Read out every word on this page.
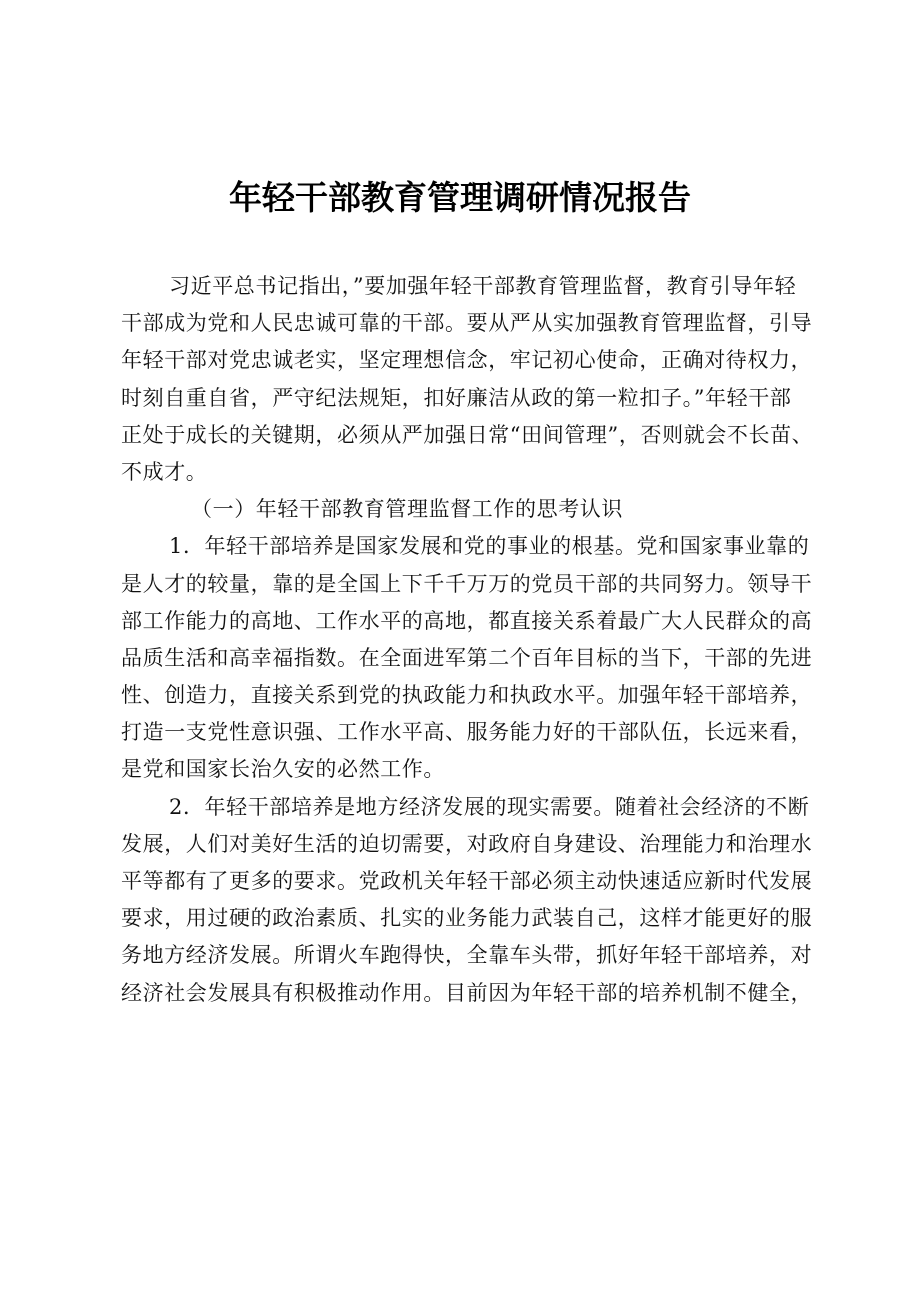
年轻干部教育管理调研情况报告
习近平总书记指出，”要加强年轻干部教育管理监督，教育引导年轻
干部成为党和人民忠诚可靠的干部。要从严从实加强教育管理监督，引导
年轻干部对党忠诚老实，坚定理想信念，牢记初心使命，正确对待权力，
时刻自重自省，严守纪法规矩，扣好廉洁从政的第一粒扣子。”年轻干部
正处于成长的关键期，必须从严加强日常“田间管理”，否则就会不长苗、
不成才。
（一）年轻干部教育管理监督工作的思考认识
1．年轻干部培养是国家发展和党的事业的根基。党和国家事业靠的
是人才的较量，靠的是全国上下千千万万的党员干部的共同努力。领导干
部工作能力的高地、工作水平的高地，都直接关系着最广大人民群众的高
品质生活和高幸福指数。在全面进军第二个百年目标的当下，干部的先进
性、创造力，直接关系到党的执政能力和执政水平。加强年轻干部培养，
打造一支党性意识强、工作水平高、服务能力好的干部队伍，长远来看，
是党和国家长治久安的必然工作。
2．年轻干部培养是地方经济发展的现实需要。随着社会经济的不断
发展，人们对美好生活的迫切需要，对政府自身建设、治理能力和治理水
平等都有了更多的要求。党政机关年轻干部必须主动快速适应新时代发展
要求，用过硬的政治素质、扎实的业务能力武装自己，这样才能更好的服
务地方经济发展。所谓火车跑得快，全靠车头带，抓好年轻干部培养，对
经济社会发展具有积极推动作用。目前因为年轻干部的培养机制不健全，
